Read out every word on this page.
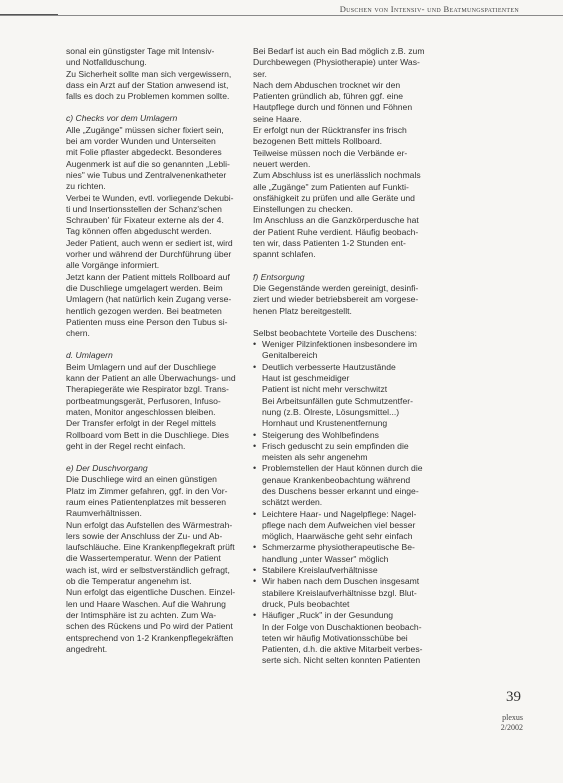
Duschen von Intensiv- und Beatmungspatienten

sonal ein günstigster Tage mit Intensiv-

und Notfallduschung.

Zu Sicherheit sollte man sich vergewissern,

dass ein Arzt auf der Station anwesend ist,

falls es doch zu Problemen kommen sollte.

c) Checks vor dem Umlagern

Alle „Zugänge" müssen sicher fixiert sein,

bei am vorder Wunden und Unterseiten

mit Folie pflaster abgedeckt. Besonderes

Augenmerk ist auf die so genannten „Lebli-

nies" wie Tubus und Zentralvenenkatheter

zu richten.

Verbei te Wunden, evtl. vorliegende Dekubi-

ti und Insertionsstellen der Schanz'schen

Schrauben' für Fixateur externe als der 4.

Tag können offen abgeduscht werden.

Jeder Patient, auch wenn er sediert ist, wird

vorher und während der Durchführung über

alle Vorgänge informiert.

Jetzt kann der Patient mittels Rollboard auf

die Duschliege umgelagert werden. Beim

Umlagern (hat natürlich kein Zugang verse-

hentlich gezogen werden. Bei beatmeten

Patienten muss eine Person den Tubus si-

chern.

d. Umlagern

Beim Umlagern und auf der Duschliege

kann der Patient an alle Überwachungs- und

Therapiegeräte wie Respirator bzgl. Trans-

portbeatmungsgerät, Perfusoren, Infuso-

maten, Monitor angeschlossen bleiben.

Der Transfer erfolgt in der Regel mittels

Rollboard vom Bett in die Duschliege. Dies

geht in der Regel recht einfach.

e) Der Duschvorgang

Die Duschliege wird an einen günstigen

Platz im Zimmer gefahren, ggf. in den Vor-

raum eines Patientenplatzes mit besseren

Raumverhältnissen.

Nun erfolgt das Aufstellen des Wärmestrah-

lers sowie der Anschluss der Zu- und Ab-

laufschläuche. Eine Krankenpflegekraft prüft

die Wassertemperatur. Wenn der Patient

wach ist, wird er selbstverständlich gefragt,

ob die Temperatur angenehm ist.

Nun erfolgt das eigentliche Duschen. Einzel-

len und Haare Waschen. Auf die Wahrung

der Intimsphäre ist zu achten. Zum Wa-

schen des Rückens und Po wird der Patient

entsprechend von 1-2 Krankenpflegekräften

angedreht.

Bei Bedarf ist auch ein Bad möglich z.B. zum

Durchbewegen (Physiotherapie) unter Was-

ser.

Nach dem Abduschen trocknet wir den

Patienten gründlich ab, führen ggf. eine

Hautpflege durch und fönnen und Föhnen

seine Haare.

Er erfolgt nun der Rücktransfer ins frisch

bezogenen Bett mittels Rollboard.

Teilweise müssen noch die Verbände er-

neuert werden.

Zum Abschluss ist es unerlässlich nochmals

alle „Zugänge" zum Patienten auf Funkti-

onsfähigkeit zu prüfen und alle Geräte und

Einstellungen zu checken.

Im Anschluss an die Ganzkörperdusche hat

der Patient Ruhe verdient. Häufig beobach-

ten wir, dass Patienten 1-2 Stunden ent-

spannt schlafen.

f) Entsorgung

Die Gegenstände werden gereinigt, desinfi-

ziert und wieder betriebsbereit am vorgese-

henen Platz bereitgestellt.

Selbst beobachtete Vorteile des Duschens:

• Weniger Pilzinfektionen insbesondere im
Genitalbereich
• Deutlich verbesserte Hautzustände
Haut ist geschmeidiger
Patient ist nicht mehr verschwitzt
Bei Arbeitsunfällen gute Schmutzentfer-
nung (z.B. Ölreste, Lösungsmittel...)
Hornhaut und Krustenentfernung
• Steigerung des Wohlbefindens
• Frisch geduscht zu sein empfinden die
meisten als sehr angenehm
• Problemstellen der Haut können durch die
genaue Krankenbeobachtung während
des Duschens besser erkannt und einge-
schätzt werden.
• Leichtere Haar- und Nagelpflege: Nagel-
pflege nach dem Aufweichen viel besser
möglich, Haarwäsche geht sehr einfach
• Schmerzarme physiotherapeutische Be-
handlung „unter Wasser" möglich
• Stabilere Kreislaufverhältnisse
• Wir haben nach dem Duschen insgesamt
stabilere Kreislaufverhältnisse bzgl. Blut-
druck, Puls beobachtet
• Häufiger „Ruck" in der Gesundung
In der Folge von Duschaktionen beobach-
teten wir häufig Motivationsschübe bei
Patienten, d.h. die aktive Mitarbeit verbes-
serte sich. Nicht selten konnten Patienten
39
plexus
2/2002
